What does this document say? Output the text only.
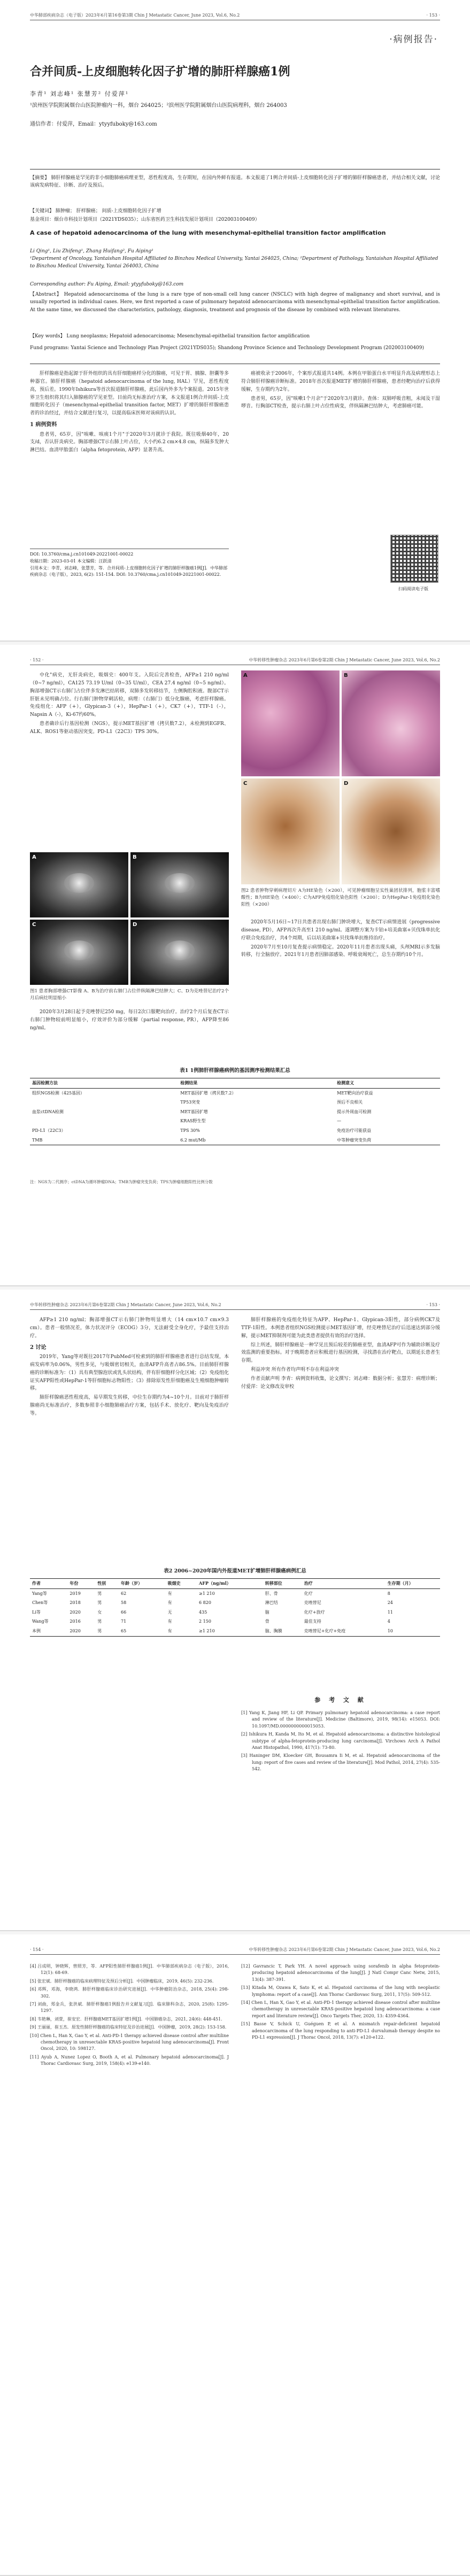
中华肺部疾病杂志（电子版）2023年6月第16卷第3期 Chin J Metastatic Cancer, June 2023, Vol.6, No.2	· 153 ·
·病例报告·
合并间质-上皮细胞转化因子扩增的肺肝样腺癌1例
李青¹ 刘志峰¹ 张慧芳² 付爱萍¹
¹滨州医学院附属烟台山医院肿瘤内一科，烟台 264025；²滨州医学院附属烟台山医院病理科，烟台 264003
通信作者：付爱萍，Email：ytyyfuboky@163.com
【摘要】 肺肝样腺癌是罕见的非小细胞肺癌病理亚型，恶性程度高，生存期短，在国内外鲜有报道。本文报道了1例合并间质-上皮细胞转化因子扩增的肺肝样腺癌患者，并结合相关文献，讨论该病发病特征、诊断、治疗及预后。
【关键词】 肺肿瘤； 肝样腺癌； 间质-上皮细胞转化因子扩增
基金项目：烟台市科技计划项目（2021YDS035）；山东省医药卫生科技发展计划项目（202003100409）
A case of hepatoid adenocarcinoma of the lung with mesenchymal-epithelial transition factor amplification
Li Qing¹, Liu Zhifeng¹, Zhang Huifang², Fu Aiping¹
¹Department of Oncology, Yantaishan Hospital Affiliated to Binzhou Medical University, Yantai 264025, China; ²Department of Pathology, Yantaishan Hospital Affiliated to Binzhou Medical University, Yantai 264003, China
Corresponding author: Fu Aiping, Email: ytyyfuboky@163.com
【Abstract】 Hepatoid adenocarcinoma of the lung is a rare type of non-small cell lung cancer (NSCLC) with high degree of malignancy and short survival, and is usually reported in individual cases. Here, we first reported a case of pulmonary hepatoid adenocarcinoma with mesenchymal-epithelial transition factor amplification. At the same time, we discussed the characteristics, pathology, diagnosis, treatment and prognosis of the disease by combined with relevant literatures.
【Key words】 Lung neoplasms; Hepatoid adenocarcinoma; Mesenchymal-epithelial transition factor amplification
Fund programs: Yantai Science and Technology Plan Project (2021YDS035); Shandong Province Science and Technology Development Program (202003100409)

肝样腺癌是指起源于肝外组织的具有肝细胞癌样分化的腺癌，可见于胃、胰腺、胆囊等多种器官。肺肝样腺癌（hepatoid adenocarcinoma of the lung, HAL）罕见，恶性程度高，预后差。1990年Ishikura等首次报道肺肝样腺癌，此后国内外多为个案报道。2015年世界卫生组织将其归入肺腺癌的罕见亚型。目前尚无标准治疗方案，本文报道1例合并间质-上皮细胞转化因子（mesenchymal-epithelial transition factor, MET）扩增的肺肝样腺癌患者的诊治经过，并结合文献进行复习，以提高临床医师对该病的认识。

1 病例资料

患者男，65岁，因"咳嗽、咳痰1个月"于2020年3月就诊于我院。既往吸烟40年，20支/d，否认肝炎病史。胸部增强CT示右肺上叶占位，大小约6.2 cm×4.8 cm，纵隔多发肿大淋巴结。血清甲胎蛋白（alpha fetoprotein, AFP）显著升高。

癌被收录于2006年，个案形式报道共14例。本例在甲胎蛋白水平明显升高及病理形态上符合肺肝样腺癌诊断标准。2018年首次报道MET扩增的肺肝样腺癌，患者经靶向治疗后获得缓解，生存期约为2年。

患者男，65岁，因"咳嗽1个月余"于2020年3月就诊。查体：双肺呼吸音粗，未闻及干湿啰音。行胸部CT检查，提示右肺上叶占位性病变，伴纵隔淋巴结肿大，考虑肺癌可能。

DOI: 10.3760/cma.j.cn101049-20221001-00022
收稿日期：2023-03-01 本文编辑：汪跃清
引用本文：李青，刘志峰，张慧芳，等．合并间质-上皮细胞转化因子扩增的肺肝样腺癌1例[J]．中华肺部疾病杂志（电子版），2023, 6(2): 151-154. DOI: 10.3760/cma.j.cn101049-20221001-00022.
扫码阅读电子版
· 152 ·	中华转移性肿瘤杂志 2023年6月第6卷第2期 Chin J Metastatic Cancer, June 2023, Vol.6, No.2

中化"病史，无肝炎病史，吸烟史：400年支。入院后完善检查，AFP≥1 210 ng/ml（0~7 ng/ml），CA125 73.19 U/ml（0~35 U/ml），CEA 27.4 ng/ml（0~5 ng/ml）。胸部增强CT示右肺门占位伴多发淋巴结转移，双肺多发转移结节，左侧胸腔积液。腹部CT示肝脏未见明确占位。行右肺门肿物穿刺活检，病理：（右肺门）低分化腺癌，考虑肝样腺癌。免疫组化：AFP（+），Glypican-3（+），HepPar-1（+），CK7（+），TTF-1（-），Napsin A（-），Ki-67约60%。

患者确诊后行基因检测（NGS），提示MET基因扩增（拷贝数7.2），未检测到EGFR、ALK、ROS1等驱动基因突变。PD-L1（22C3）TPS 30%。

A	B
C	D
图1 患者胸部增强CT影像 A、B为治疗前右肺门占位伴纵隔淋巴结肿大；C、D为克唑替尼治疗2个月后病灶明显缩小

2020年3月28日起予克唑替尼250 mg，每日2次口服靶向治疗。治疗2个月后复查CT示右肺门肿物较前明显缩小，疗效评价为部分缓解（partial response, PR），AFP降至86 ng/ml。

A	B
C	D
图2 患者肿物穿刺病理切片 A为HE染色（×200），可见肿瘤细胞呈实性巢团状排列，胞浆丰富嗜酸性；B为HE染色（×400）；C为AFP免疫组化染色阳性（×200）；D为HepPar-1免疫组化染色阳性（×200）

2020年5月16日~17日共患者出现右肺门肿块增大，复查CT示病情进展（progressive disease, PD），AFP再次升高至1 210 ng/ml。遂调整方案为卡铂+培美曲塞+贝伐珠单抗化疗联合免疫治疗，共4个周期，后以培美曲塞+贝伐珠单抗维持治疗。

2020年7月至10月复查提示病情稳定。2020年11月患者出现头痛，头颅MRI示多发脑转移，行全脑放疗。2021年1月患者因肺部感染、呼吸衰竭死亡，总生存期约10个月。

表1 1例肺肝样腺癌病例的基因测序检测结果汇总
基因检测方法	检测结果	检测意义
组织NGS检测（425基因）	MET基因扩增（拷贝数7.2）	MET靶向治疗获益
	TP53突变	预后不良相关
血浆ctDNA检测	MET基因扩增	提示外周血可检测
	KRAS野生型	—
PD-L1（22C3）	TPS 30%	免疫治疗可能获益
TMB	6.2 mut/Mb	中等肿瘤突变负荷
注：NGS为二代测序；ctDNA为循环肿瘤DNA；TMB为肿瘤突变负荷；TPS为肿瘤细胞阳性比例分数
中华转移性肿瘤杂志 2023年6月第6卷第2期 Chin J Metastatic Cancer, June 2023, Vol.6, No.2	· 153 ·

AFP≥1 210 ng/ml；胸部增强CT示右肺门肿物明显增大（14 cm×10.7 cm×9.3 cm）。患者一般情况差，体力状况评分（ECOG）3分，无法耐受全身化疗，予最佳支持治疗。

2 讨论

2019年，Yang等对既往2017年PubMed可检索到的肺肝样腺癌患者进行总结发现，本病发病率为0.06%，男性多见，与吸烟密切相关，血清AFP升高者占86.5%。目前肺肝样腺癌的诊断标准为：（1）具有典型腺泡状或乳头状结构，伴有肝细胞样分化区域；（2）免疫组化证实AFP阳性或HepPar-1等肝细胞标志物阳性；（3）排除原发性肝细胞癌及生殖细胞肿瘤转移。

肺肝样腺癌恶性程度高，易早期发生转移，中位生存期约为4~10个月。目前对于肺肝样腺癌尚无标准治疗，多数参照非小细胞肺癌治疗方案，包括手术、放化疗、靶向及免疫治疗等。

肺肝样腺癌的免疫组化特征为AFP、HepPar-1、Glypican-3阳性，部分病例CK7及TTF-1阳性。本例患者组织NGS检测提示MET基因扩增，经克唑替尼治疗后迅速达到部分缓解，提示MET抑制剂可能为此类患者提供有效的治疗选择。

综上所述，肺肝样腺癌是一种罕见且预后较差的肺癌亚型，血清AFP可作为辅助诊断及疗效监测的重要指标。对于晚期患者应积极进行基因检测，寻找潜在治疗靶点，以期延长患者生存期。

利益冲突 所有作者均声明不存在利益冲突

作者贡献声明 李青：病例资料收集，论文撰写；刘志峰：数据分析；张慧芳：病理诊断；付爱萍：论文修改及审校

表2 2006~2020年国内外报道MET扩增肺肝样腺癌病例汇总
作者	年份	性别	年龄（岁）	吸烟史	AFP（ng/ml）	转移部位	治疗	生存期（月）
Yang等	2019	男	62	有	≥1 210	肝、骨	化疗	8
Chen等	2018	男	58	有	6 820	淋巴结	克唑替尼	24
Li等	2020	女	66	无	435	脑	化疗+放疗	11
Wang等	2016	男	71	有	2 150	骨	最佳支持	4
本例	2020	男	65	有	≥1 210	脑、胸膜	克唑替尼+化疗+免疫	10
参 考 文 献
[1] Yang K, Jiang HF, Li QP. Primary pulmonary hepatoid adenocarcinoma: a case report and review of the literature[J]. Medicine (Baltimore), 2019, 98(14): e15053. DOI: 10.1097/MD.0000000000015053.
[2] Ishikura H, Kanda M, Ito M, et al. Hepatoid adenocarcinoma: a distinctive histological subtype of alpha-fetoprotein-producing lung carcinoma[J]. Virchows Arch A Pathol Anat Histopathol, 1990, 417(1): 73-80.
[3] Haninger DM, Kloecker GH, Bousamra Ii M, et al. Hepatoid adenocarcinoma of the lung: report of five cases and review of the literature[J]. Mod Pathol, 2014, 27(4): 535-542.
· 154 ·	中华转移性肿瘤杂志 2023年6月第6卷第2期 Chin J Metastatic Cancer, June 2023, Vol.6, No.2
[4] 吕成明，钟晓辉，曾照芳，等．AFP阳性肺肝样腺癌1例[J]．中华肺部疾病杂志（电子版），2016, 12(1): 68-69.
[5] 张宏斌．肺肝样腺癌的临床病理特征及预后分析[J]．中国肿瘤临床，2019, 46(5): 232-236.
[6] 邓辉，邓海，李晓鸿．肺肝样腺癌临床诊治研究进展[J]．中华肿瘤防治杂志，2018, 25(4): 298-302.
[7] 刘曲，郑金兵，张洪斌．肺肝样腺癌1例报告并文献复习[J]．临床肺科杂志，2020, 25(8): 1295-1297.
[8] 韦艳琳，刘萱，崔安宏．肝样腺癌MET基因扩增1例[J]．中国肺癌杂志，2021, 24(6): 448-451.
[9] 王丽丽，崔玉杰．原发性肺肝样腺癌的临床特征及诊治进展[J]．中国肿瘤，2019, 28(2): 153-158.
[10] Chen L, Han X, Gao Y, et al. Anti-PD-1 therapy achieved disease control after multiline chemotherapy in unresectable KRAS-positive hepatoid lung adenocarcinoma[J]. Front Oncol, 2020, 10: 598127.
[11] Ayub A, Nunez Lopez O, Booth A, et al. Pulmonary hepatoid adenocarcinoma[J]. J Thorac Cardiovasc Surg, 2019, 158(4): e139-e140.
[12] Gavrancic T, Park YH. A novel approach using sorafenib in alpha fetoprotein-producing hepatoid adenocarcinoma of the lung[J]. J Natl Compr Canc Netw, 2015, 13(4): 387-391.
[13] Kitada M, Ozawa K, Sato K, et al. Hepatoid carcinoma of the lung with neoplastic lymphoma: report of a case[J]. Ann Thorac Cardiovasc Surg, 2011, 17(5): 509-512.
[14] Chen L, Han X, Gao Y, et al. Anti-PD-1 therapy achieved disease control after multiline chemotherapy in unresectable KRAS-positive hepatoid lung adenocarcinoma: a case report and literature review[J]. Onco Targets Ther, 2020, 13: 4359-4364.
[15] Basse V, Schick U, Guéguen P, et al. A mismatch repair-deficient hepatoid adenocarcinoma of the lung responding to anti-PD-L1 durvalumab therapy despite no PD-L1 expression[J]. J Thorac Oncol, 2018, 13(7): e120-e122.
